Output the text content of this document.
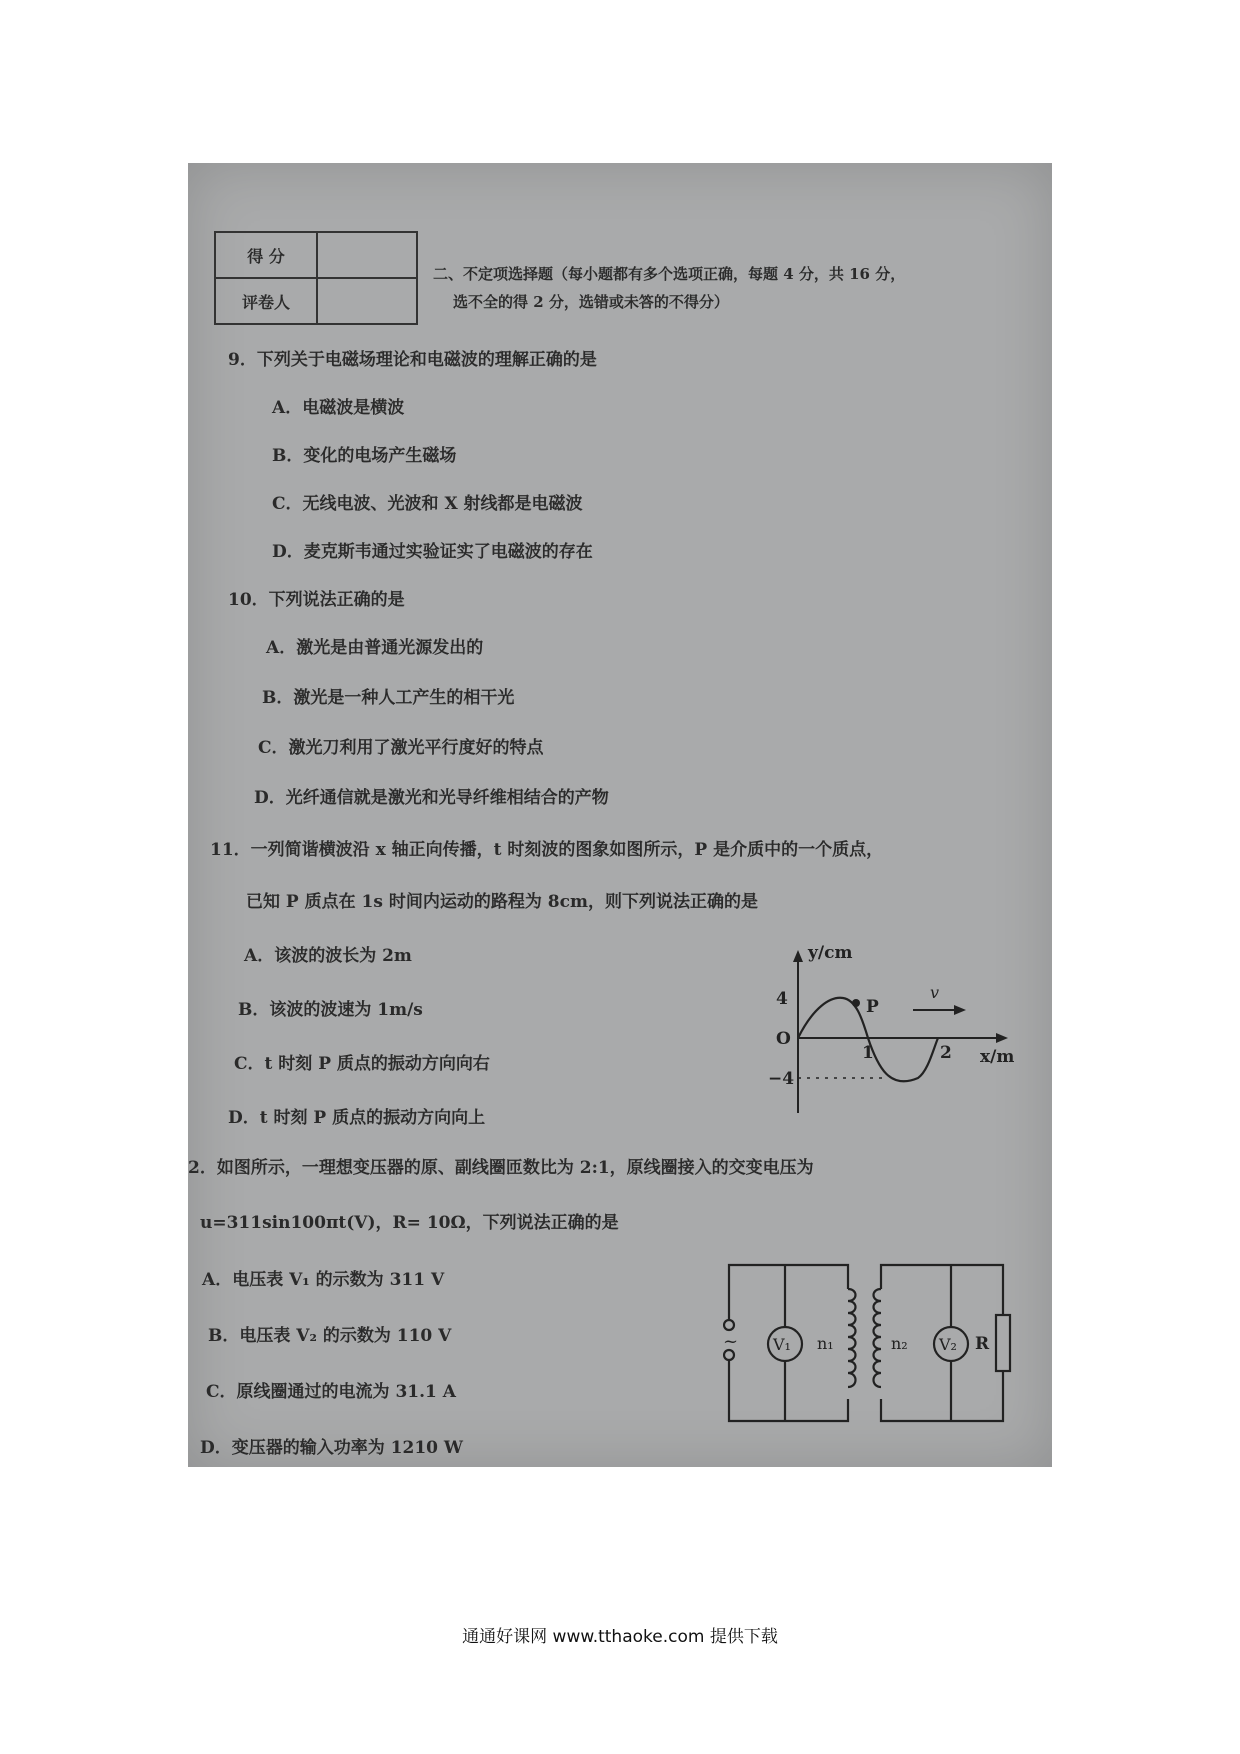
得 分	
评卷人	
二、不定项选择题（每小题都有多个选项正确，每题 4 分，共 16 分，
选不全的得 2 分，选错或未答的不得分）
9．下列关于电磁场理论和电磁波的理解正确的是
A．电磁波是横波
B．变化的电场产生磁场
C．无线电波、光波和 X 射线都是电磁波
D．麦克斯韦通过实验证实了电磁波的存在
10．下列说法正确的是
A．激光是由普通光源发出的
B．激光是一种人工产生的相干光
C．激光刀利用了激光平行度好的特点
D．光纤通信就是激光和光导纤维相结合的产物
11．一列简谐横波沿 x 轴正向传播，t 时刻波的图象如图所示，P 是介质中的一个质点，
已知 P 质点在 1s 时间内运动的路程为 8cm，则下列说法正确的是
A．该波的波长为 2m
B．该波的波速为 1m/s
C．t 时刻 P 质点的振动方向向右
D．t 时刻 P 质点的振动方向向上
P
v
y/cm
x/m
4
O
−4
1	2
2．如图所示，一理想变压器的原、副线圈匝数比为 2:1，原线圈接入的交变电压为
u=311sin100πt(V)，R= 10Ω，下列说法正确的是
A．电压表 V₁ 的示数为 311 V
B．电压表 V₂ 的示数为 110 V
C．原线圈通过的电流为 31.1 A
D．变压器的输入功率为 1210 W
~ V₁	V₂
n₁	n₂	R
通通好课网 www.tthaoke.com 提供下载
